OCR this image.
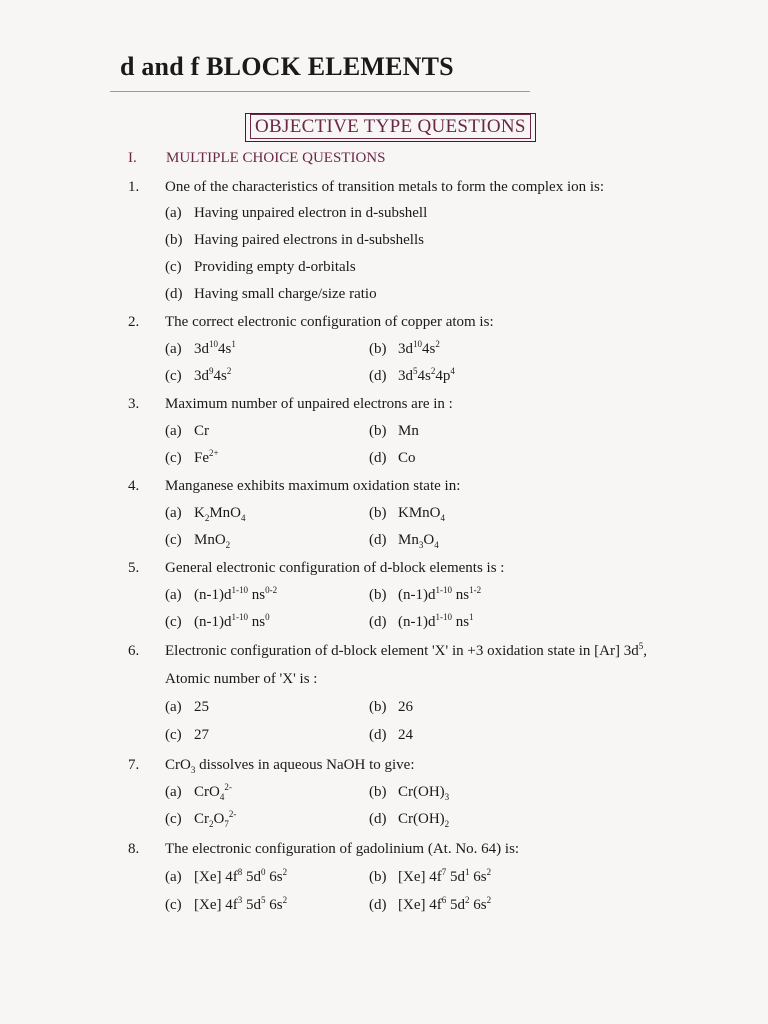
d and f BLOCK ELEMENTS
OBJECTIVE TYPE QUESTIONS
I. MULTIPLE CHOICE QUESTIONS
1. One of the characteristics of transition metals to form the complex ion is:
(a) Having unpaired electron in d-subshell
(b) Having paired electrons in d-subshells
(c) Providing empty d-orbitals
(d) Having small charge/size ratio
2. The correct electronic configuration of copper atom is:
(a) $3d^{10}4s^1$	(b) $3d^{10}4s^2$
(c) $3d^94s^2$	(d) $3d^54s^24p^4$
3. Maximum number of unpaired electrons are in :
(a) Cr	(b) Mn
(c) $Fe^{2+}$	(d) Co
4. Manganese exhibits maximum oxidation state in:
(a) $K_2MnO_4$	(b) KMnO$_4$
(c) MnO$_2$	(d) $Mn_3O_4$
5. General electronic configuration of d-block elements is :
(a) $(n-1)d^{1-10}$ $ns^{0-2}$	(b) $(n-1)d^{1-10}$ $ns^{1-2}$
(c) $(n-1)d^{1-10}$ $ns^0$	(d) $(n-1)d^{1-10}$ $ns^1$
6. Electronic configuration of d-block element 'X' in +3 oxidation state in [Ar] $3d^5$,
Atomic number of 'X' is :
(a) 25	(b) 26
(c) 27	(d) 24
7. CrO$_3$ dissolves in aqueous NaOH to give:
(a) CrO$_4^{2-}$	(b) $Cr(OH)_3$
(c) $Cr_2O_7^{2-}$	(d) $Cr(OH)_2$
8. The electronic configuration of gadolinium (At. No. 64) is:
(a) [Xe] $4f^8$ $5d^0$ $6s^2$	(b) [Xe] $4f^7$ $5d^1$ $6s^2$
(c) [Xe] $4f^3$ $5d^5$ $6s^2$	(d) [Xe] $4f^6$ $5d^2$ $6s^2$
